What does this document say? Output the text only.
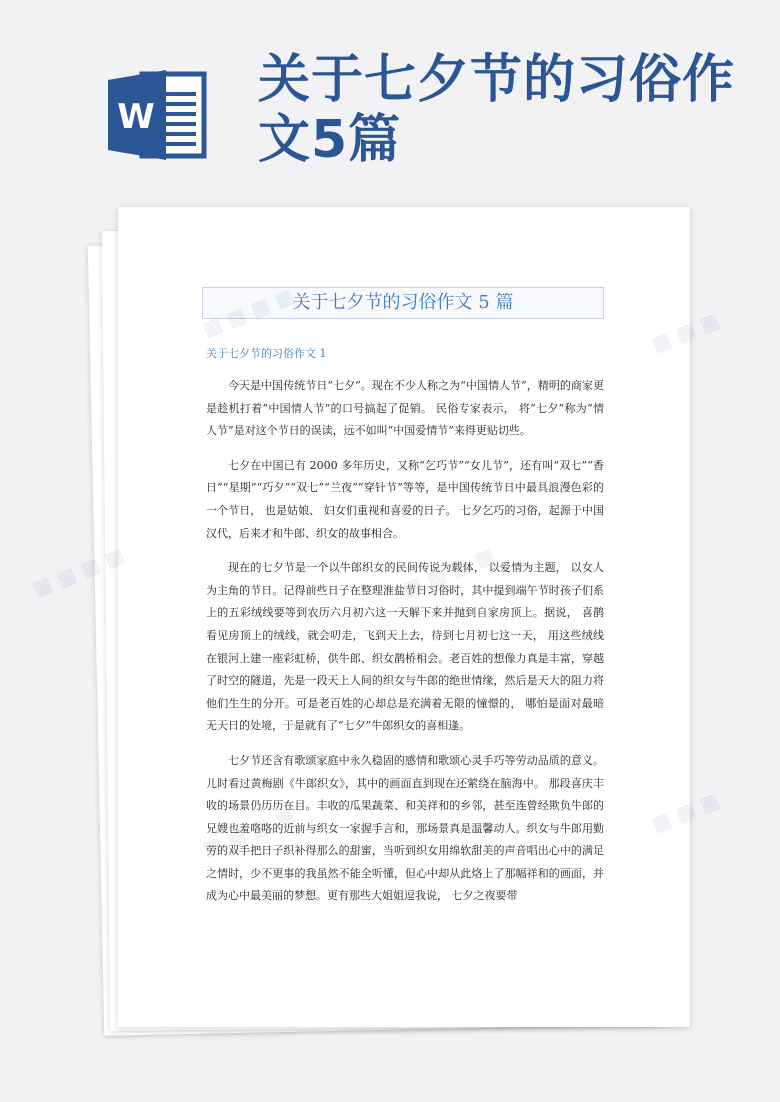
W
关于七夕节的习俗作文5篇
关于七夕节的习俗作文 5 篇
关于七夕节的习俗作文 1

今天是中国传统节日“七夕”。现在不少人称之为“中国情人节”，精明的商家更是趁机打着“中国情人节”的口号搞起了促销。 民俗专家表示， 将“七夕”称为“情人节”是对这个节日的误读，远不如叫“中国爱情节”来得更贴切些。

七夕在中国已有 2000 多年历史，又称“乞巧节”“女儿节”，还有叫“双七”“香日”“星期”“巧夕”“双七”“兰夜”“穿针节”等等，是中国传统节日中最具浪漫色彩的一个节日， 也是姑娘、 妇女们重视和喜爱的日子。 七夕乞巧的习俗，起源于中国汉代，后来才和牛郎、织女的故事相合。

现在的七夕节是一个以牛郎织女的民间传说为载体， 以爱情为主题， 以女人为主角的节日。记得前些日子在整理淮盐节日习俗时，其中提到端午节时孩子们系上的五彩绒线要等到农历六月初六这一天解下来并抛到自家房顶上。据说， 喜鹊看见房顶上的绒线，就会叨走，飞到天上去，待到七月初七这一天， 用这些绒线在银河上建一座彩虹桥，供牛郎、织女鹊桥相会。老百姓的想像力真是丰富，穿越了时空的隧道，先是一段天上人间的织女与牛郎的绝世情缘，然后是天大的阻力将他们生生的分开。可是老百姓的心却总是充满着无限的憧憬的， 哪怕是面对最暗无天日的处境，于是就有了“七夕”牛郎织女的喜相逢。

七夕节还含有歌颂家庭中永久稳固的感情和歌颂心灵手巧等劳动品质的意义。儿时看过黄梅剧《牛郎织女》，其中的画面直到现在还萦绕在脑海中。 那段喜庆丰收的场景仍历历在目。丰收的瓜果蔬菜、和美祥和的乡邻，甚至连曾经欺负牛郎的兄嫂也羞咯咯的近前与织女一家握手言和，那场景真是温馨动人。织女与牛郎用勤劳的双手把日子织补得那么的甜蜜，当听到织女用绵软甜美的声音唱出心中的满足之情时，少不更事的我虽然不能全听懂，但心中却从此烙上了那幅祥和的画面，并成为心中最美丽的梦想。更有那些大姐姐逗我说， 七夕之夜要带

▦ ▦ ▦ ▦
▦
▦
